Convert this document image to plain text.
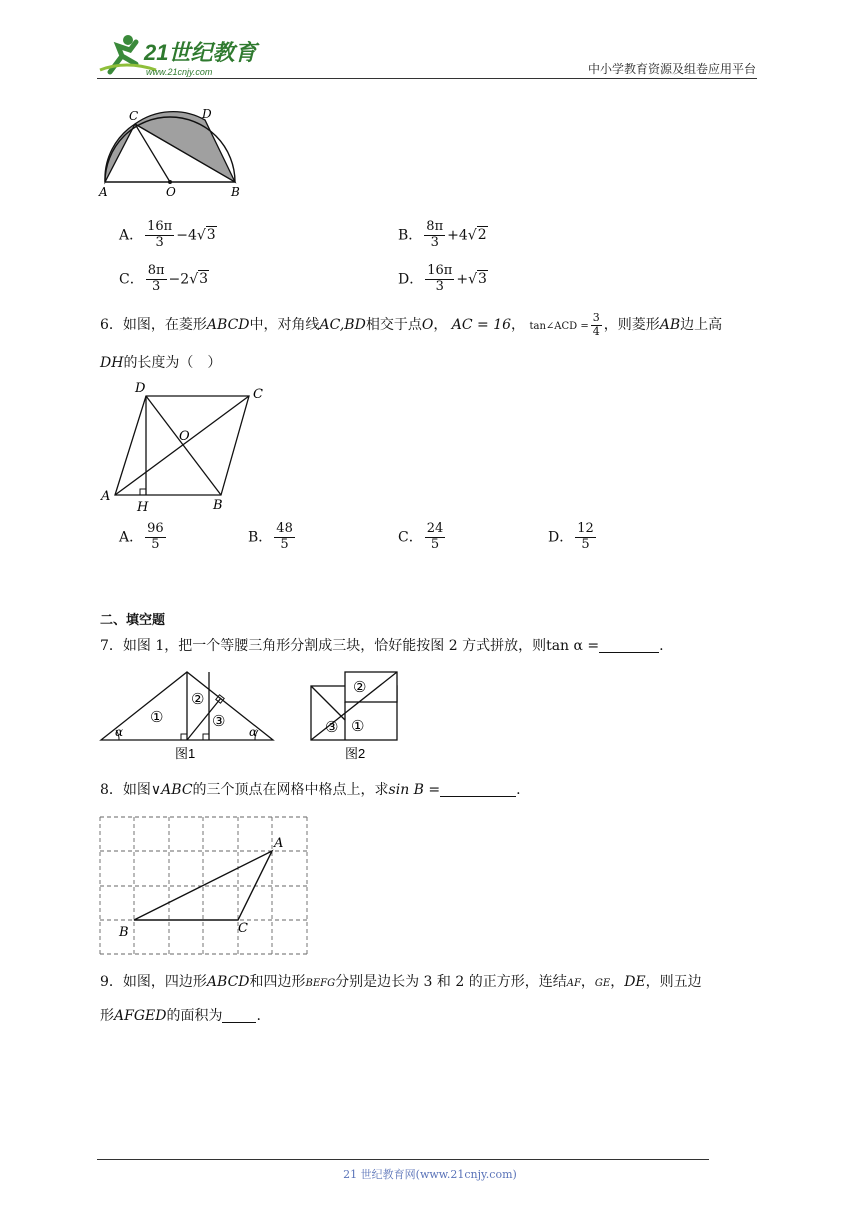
21世纪教育
www.21cnjy.com	中小学教育资源及组卷应用平台
A	O	B
C	D
A． $\frac{16\pi}{3} -4√3$	B． $\frac{8\pi}{3} +4√2$
C． $\frac{8\pi}{3} -2√3$	D． $\frac{16\pi}{3} +√3$
6．如图，在菱形ABCD中，对角线AC,BD相交于点O， AC = 16， tan∠ACD = $\frac{3}{4}$ ，则菱形AB边上高
DH的长度为（　）
D	C
O
A
H	B
A． $\frac{96}{5}$	B． $\frac{48}{5}$	C． $\frac{24}{5}$	D． $\frac{12}{5}$
二、填空题
7．如图 1，把一个等腰三角形分割成三块，恰好能按图 2 方式拼放，则tan α =	.
α	α
①
②
③
图1
③ ①
②
图2
8．如图∨ABC的三个顶点在网格中格点上，求sin B =	.
A
B	C
9．如图，四边形ABCD和四边形BEFG分别是边长为 3 和 2 的正方形，连结AF，GE，DE，则五边
形AFGED的面积为 .
21 世纪教育网(www.21cnjy.com)
